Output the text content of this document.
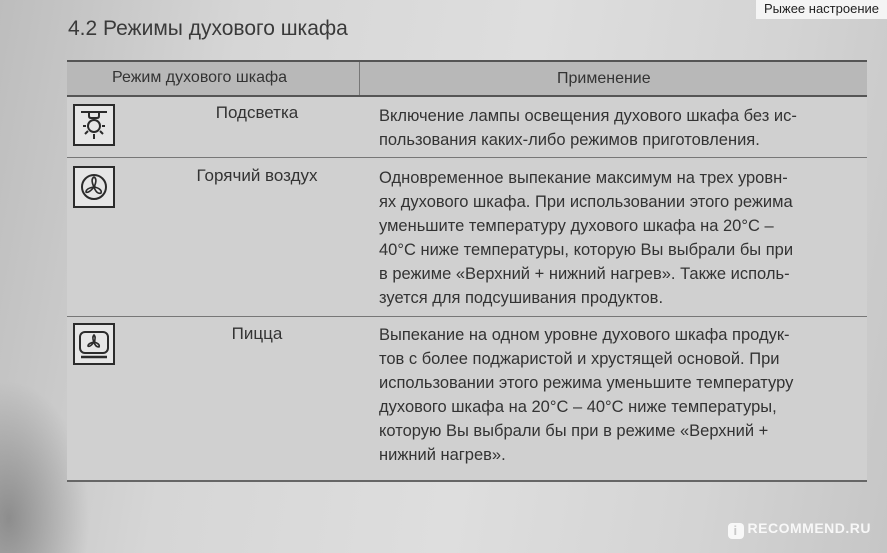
Рыжее настроение
4.2 Режимы духового шкафа
Режим духового шкафа	Применение
Подсветка	Включение лампы освещения духового шкафа без ис-
пользования каких-либо режимов приготовления.
Горячий воздух	Одновременное выпекание максимум на трех уровн-
ях духового шкафа. При использовании этого режима
уменьшите температуру духового шкафа на 20°C –
40°C ниже температуры, которую Вы выбрали бы при
в режиме «Верхний + нижний нагрев». Также исполь-
зуется для подсушивания продуктов.
Пицца	Выпекание на одном уровне духового шкафа продук-
тов с более поджаристой и хрустящей основой. При
использовании этого режима уменьшите температуру
духового шкафа на 20°C – 40°C ниже температуры,
которую Вы выбрали бы при в режиме «Верхний +
нижний нагрев».
i RECOMMEND.RU
